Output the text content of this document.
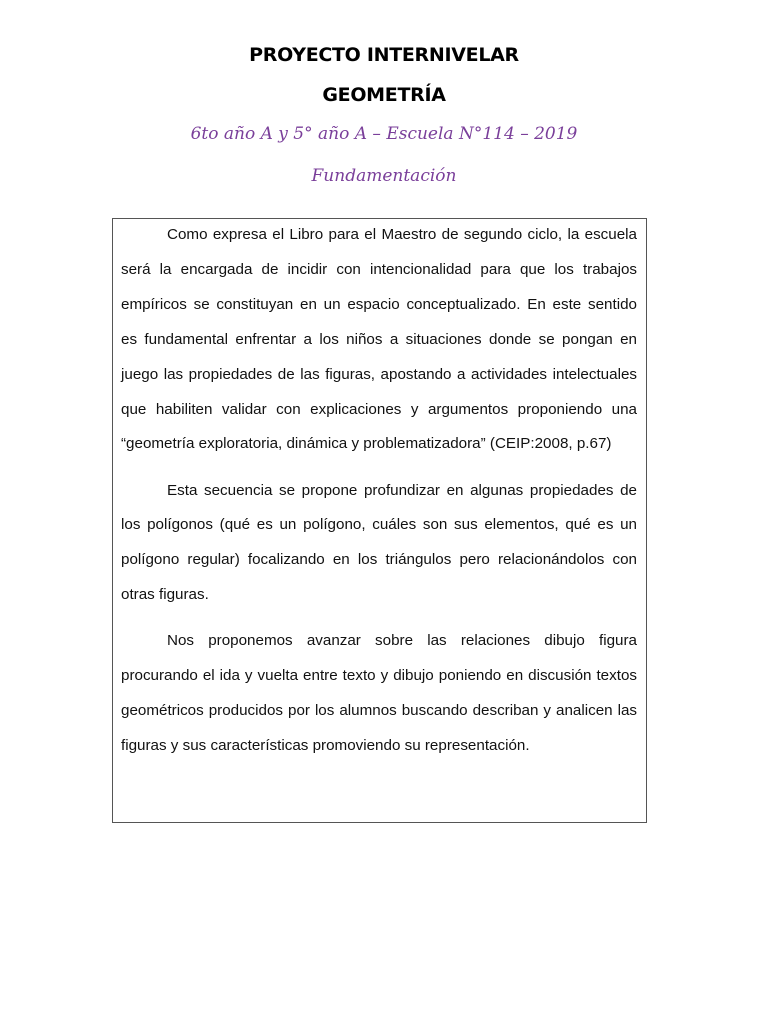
PROYECTO INTERNIVELAR
GEOMETRÍA
6to año A y 5° año A – Escuela N°114 – 2019
Fundamentación
Como expresa el Libro para el Maestro de segundo ciclo, la escuela
será la encargada de incidir con intencionalidad para que los trabajos
empíricos se constituyan en un espacio conceptualizado. En este sentido
es fundamental enfrentar a los niños a situaciones donde se pongan en
juego las propiedades de las figuras, apostando a actividades intelectuales
que habiliten validar con explicaciones y argumentos proponiendo una
“geometría exploratoria, dinámica y problematizadora” (CEIP:2008, p.67)
Esta secuencia se propone profundizar en algunas propiedades de
los polígonos (qué es un polígono, cuáles son sus elementos, qué es un
polígono regular) focalizando en los triángulos pero relacionándolos con
otras figuras.
Nos proponemos avanzar sobre las relaciones dibujo figura
procurando el ida y vuelta entre texto y dibujo poniendo en discusión textos
geométricos producidos por los alumnos buscando describan y analicen las
figuras y sus características promoviendo su representación.
